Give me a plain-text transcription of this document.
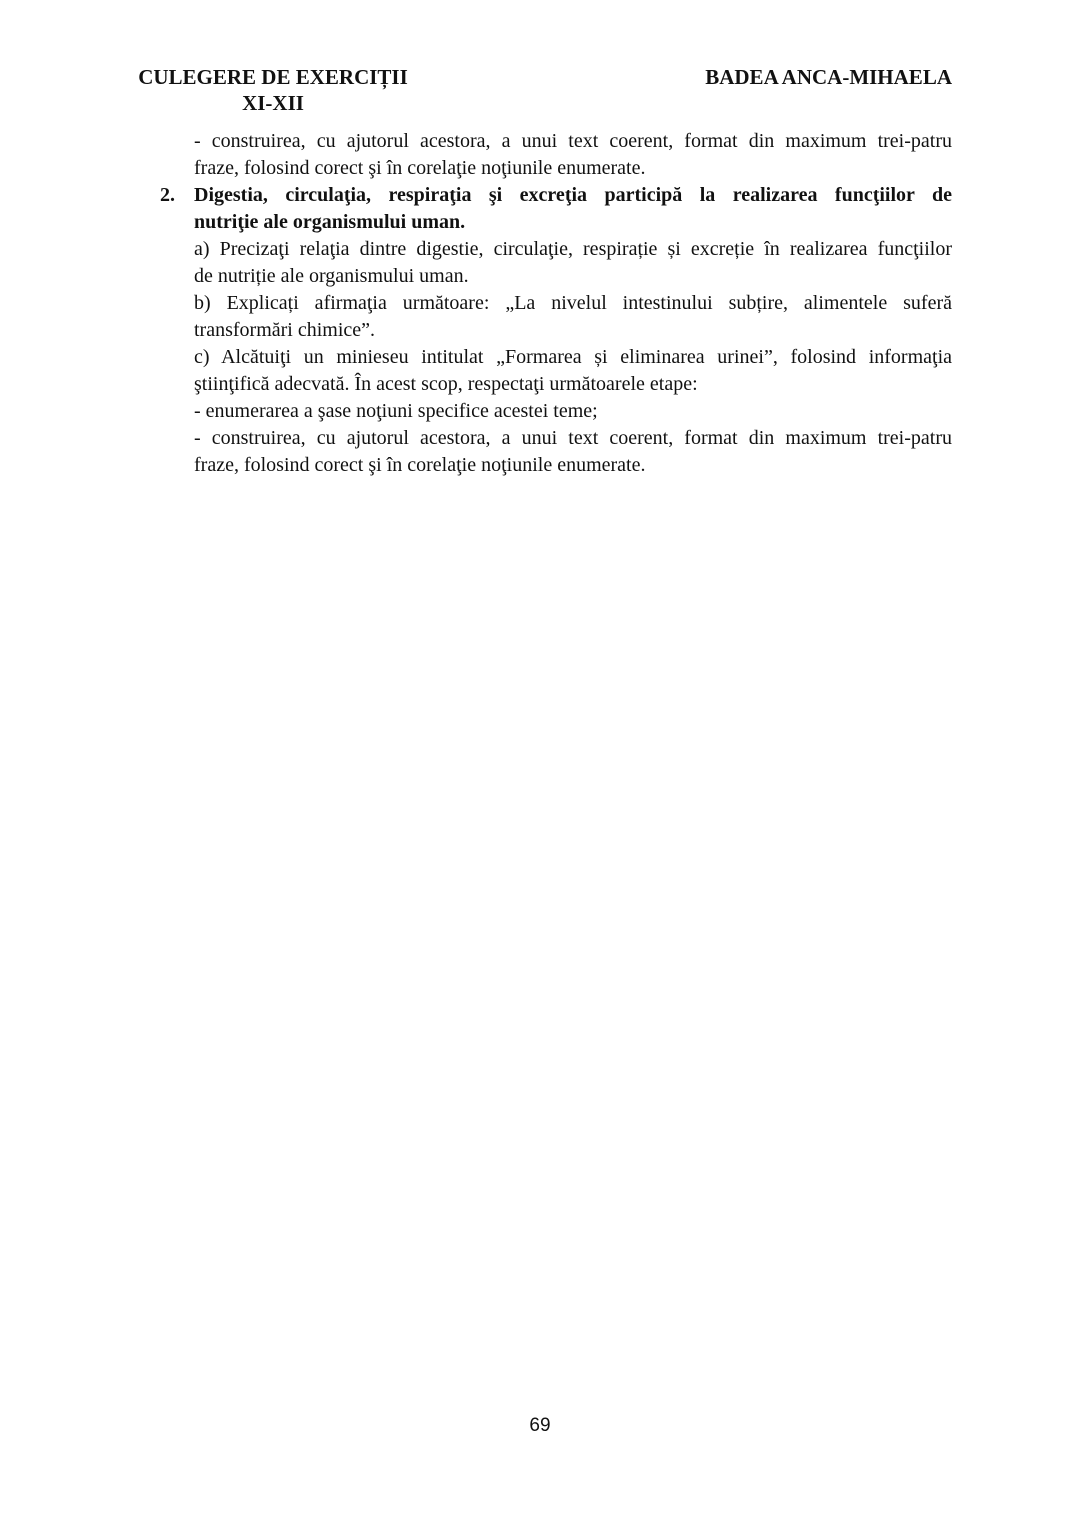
CULEGERE DE EXERCIȚII
XI-XII
BADEA ANCA-MIHAELA
- construirea, cu ajutorul acestora, a unui text coerent, format din maximum trei-patru
fraze, folosind corect şi în corelaţie noţiunile enumerate.
2. Digestia, circulaţia, respiraţia şi excreţia participă la realizarea funcţiilor de
nutriţie ale organismului uman.
a) Precizaţi relaţia dintre digestie, circulaţie, respirație și excreție în realizarea funcţiilor
de nutriție ale organismului uman.
b) Explicați afirmaţia următoare: „La nivelul intestinului subțire, alimentele suferă
transformări chimice”.
c) Alcătuiţi un minieseu intitulat „Formarea și eliminarea urinei”, folosind informaţia
ştiinţifică adecvată. În acest scop, respectaţi următoarele etape:
- enumerarea a şase noţiuni specifice acestei teme;
- construirea, cu ajutorul acestora, a unui text coerent, format din maximum trei-patru
fraze, folosind corect şi în corelaţie noţiunile enumerate.
69
